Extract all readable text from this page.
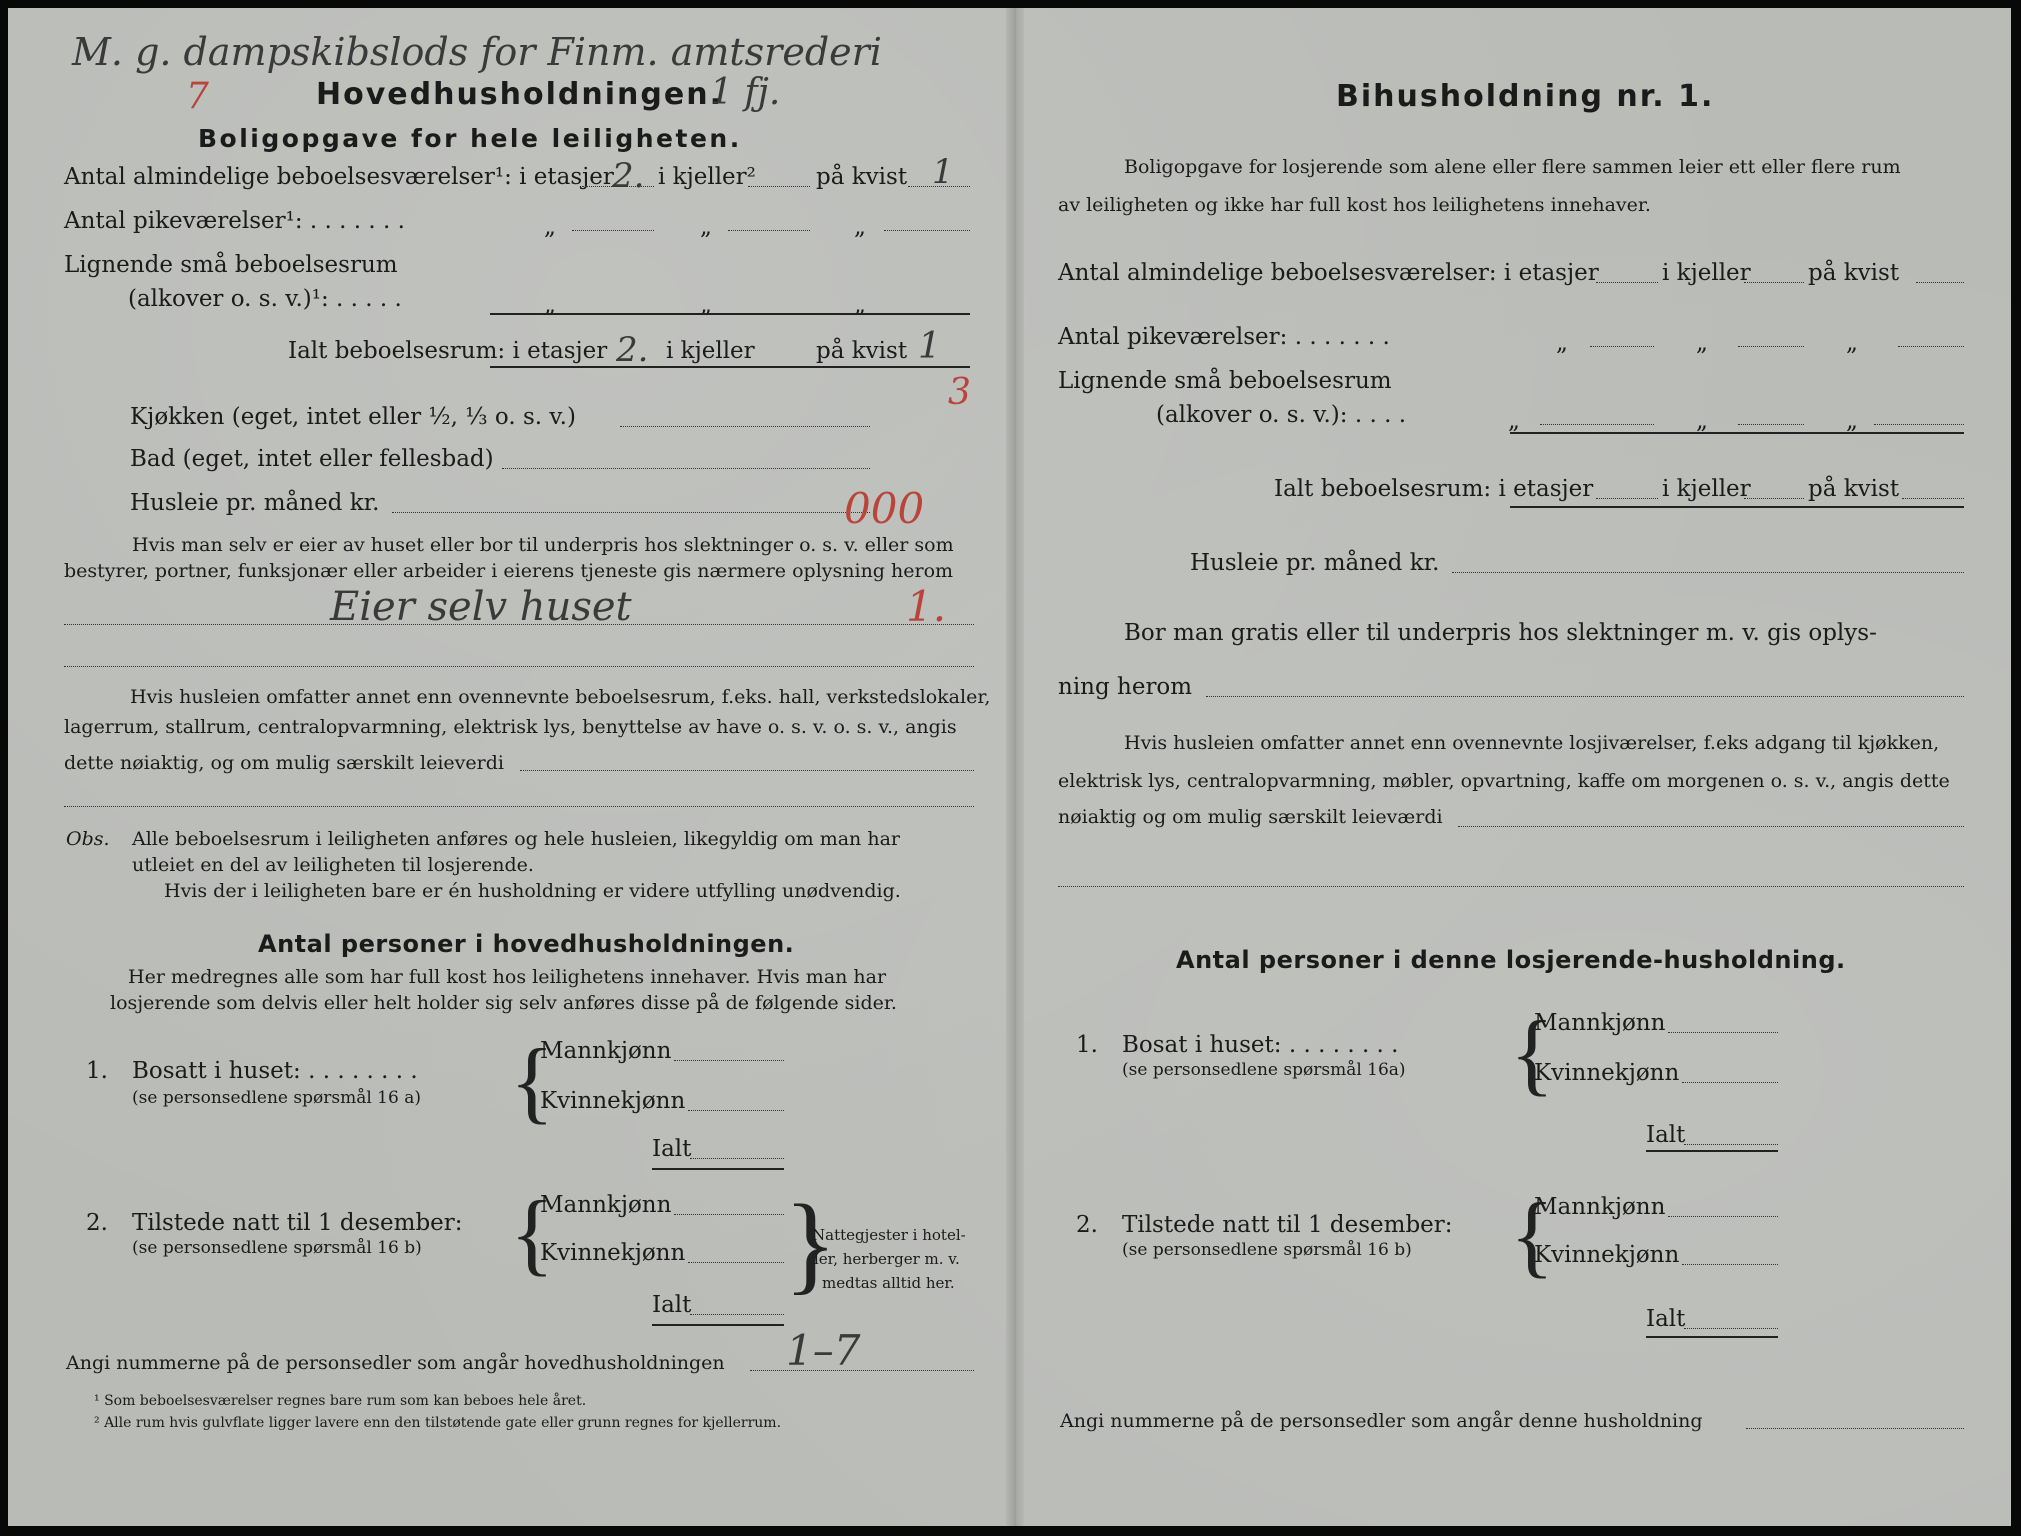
M. g. dampskibslods for Finm. amtsrederi
7	Hovedhusholdningen.
1 fj.
Boligopgave for hele leiligheten.
Antal almindelige beboelsesværelser¹: i etasjer
2. i kjeller²	på kvist 1
Antal pikeværelser¹: . . . . . . .	„	„	„
Lignende små beboelsesrum
(alkover o. s. v.)¹: . . . . .	„	„	„
Ialt beboelsesrum: i etasjer 2. i kjeller	på kvist 1
3
Kjøkken (eget, intet eller ½, ⅓ o. s. v.)
Bad (eget, intet eller fellesbad)
Husleie pr. måned kr.	000
Hvis man selv er eier av huset eller bor til underpris hos slektninger o. s. v. eller som
bestyrer, portner, funksjonær eller arbeider i eierens tjeneste gis nærmere oplysning herom
Eier selv huset	1.
Hvis husleien omfatter annet enn ovennevnte beboelsesrum, f.eks. hall, verkstedslokaler,
lagerrum, stallrum, centralopvarmning, elektrisk lys, benyttelse av have o. s. v. o. s. v., angis
dette nøiaktig, og om mulig særskilt leieverdi
Obs. Alle beboelsesrum i leiligheten anføres og hele husleien, likegyldig om man har
utleiet en del av leiligheten til losjerende.
Hvis der i leiligheten bare er én husholdning er videre utfylling unødvendig.
Antal personer i hovedhusholdningen.
Her medregnes alle som har full kost hos leilighetens innehaver. Hvis man har
losjerende som delvis eller helt holder sig selv anføres disse på de følgende sider.
1. Bosatt i huset: . . . . . . . .
(se personsedlene spørsmål 16 a) {
Mannkjønn
Kvinnekjønn
Ialt
2. Tilstede natt til 1 desember:
(se personsedlene spørsmål 16 b) {
Mannkjønn
Kvinnekjønn
Ialt
}
Nattegjester i hotel-
ler, herberger m. v.
medtas alltid her.
Angi nummerne på de personsedler som angår hovedhusholdningen 1–7
¹ Som beboelsesværelser regnes bare rum som kan beboes hele året.
² Alle rum hvis gulvflate ligger lavere enn den tilstøtende gate eller grunn regnes for kjellerrum.
Bihusholdning nr. 1.
Boligopgave for losjerende som alene eller flere sammen leier ett eller flere rum
av leiligheten og ikke har full kost hos leilighetens innehaver.
Antal almindelige beboelsesværelser: i etasjer	i kjeller på kvist
Antal pikeværelser: . . . . . . .	„	„	„
Lignende små beboelsesrum
(alkover o. s. v.): . . . .	„	„	„
Ialt beboelsesrum: i etasjer	i kjeller på kvist
Husleie pr. måned kr.
Bor man gratis eller til underpris hos slektninger m. v. gis oplys-
ning herom
Hvis husleien omfatter annet enn ovennevnte losjiværelser, f.eks adgang til kjøkken,
elektrisk lys, centralopvarmning, møbler, opvartning, kaffe om morgenen o. s. v., angis dette
nøiaktig og om mulig særskilt leieværdi
Antal personer i denne losjerende-husholdning.
1. Bosat i huset: . . . . . . . .
(se personsedlene spørsmål 16a) {
Mannkjønn
Kvinnekjønn
Ialt
2. Tilstede natt til 1 desember:
(se personsedlene spørsmål 16 b) {
Mannkjønn
Kvinnekjønn
Ialt
Angi nummerne på de personsedler som angår denne husholdning
